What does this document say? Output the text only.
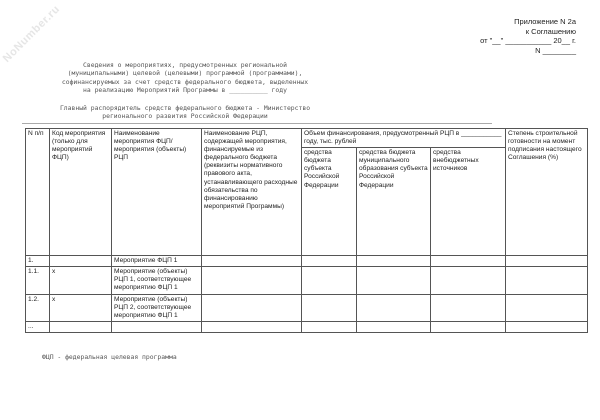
NoNumber.ru	Приложение N 2а
к Соглашению
от "__" ___________ 20__ г.
N ________
Сведения о мероприятиях, предусмотренных региональной
(муниципальными) целевой (целевыми) программой (программами),
софинансируемых за счет средств федерального бюджета, выделенных
на реализацию Мероприятий Программы в __________ году
Главный распорядитель средств федерального бюджета - Министерство
регионального развития Российской Федерации
N п/п	Код мероприятия (только для мероприятий ФЦП)	Наименование мероприятия ФЦП/ мероприятия (объекты) РЦП	Наименование РЦП, содержащей мероприятия, финансируемые из федерального бюджета (реквизиты нормативного правового акта, устанавливающего расходные обязательства по финансированию мероприятий Программы)	Объем финансирования, предусмотренный РЦП в ___________ году, тыс. рублей			Степень строительной готовности на момент подписания настоящего Соглашения (%)
				средства бюджета субъекта Российской Федерации	средства бюджета муниципального образования субъекта Российской Федерации	средства внебюджетных источников	
1.		Мероприятие ФЦП 1					
1.1.	x	Мероприятие (объекты) РЦП 1, соответствующее мероприятию ФЦП 1					
1.2.	x	Мероприятие (объекты) РЦП 2, соответствующее мероприятию ФЦП 1					
...							
ФЦП - федеральная целевая программа
